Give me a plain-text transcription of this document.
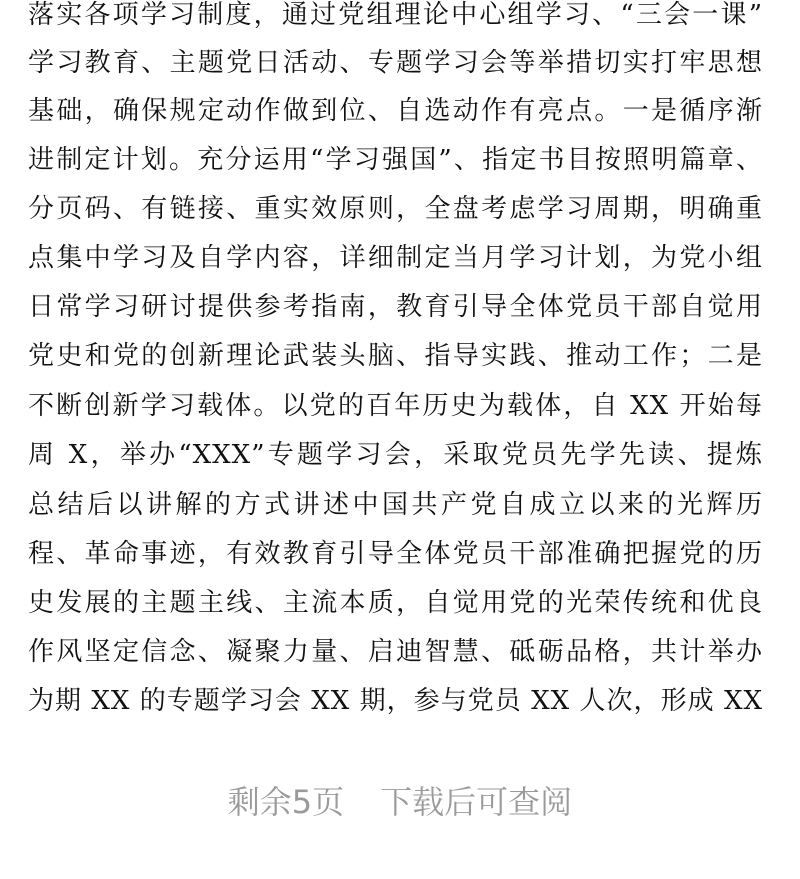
落实各项学习制度，通过党组理论中心组学习、“三会一课”
学习教育、主题党日活动、专题学习会等举措切实打牢思想
基础，确保规定动作做到位、自选动作有亮点。一是循序渐
进制定计划。充分运用“学习强国”、指定书目按照明篇章、
分页码、有链接、重实效原则，全盘考虑学习周期，明确重
点集中学习及自学内容，详细制定当月学习计划，为党小组
日常学习研讨提供参考指南，教育引导全体党员干部自觉用
党史和党的创新理论武装头脑、指导实践、推动工作；二是
不断创新学习载体。以党的百年历史为载体，自 XX 开始每
周 X，举办“XXX”专题学习会，采取党员先学先读、提炼
总结后以讲解的方式讲述中国共产党自成立以来的光辉历
程、革命事迹，有效教育引导全体党员干部准确把握党的历
史发展的主题主线、主流本质，自觉用党的光荣传统和优良
作风坚定信念、凝聚力量、启迪智慧、砥砺品格，共计举办
为期 XX 的专题学习会 XX 期，参与党员 XX 人次，形成 XX
剩余5页 下载后可查阅
